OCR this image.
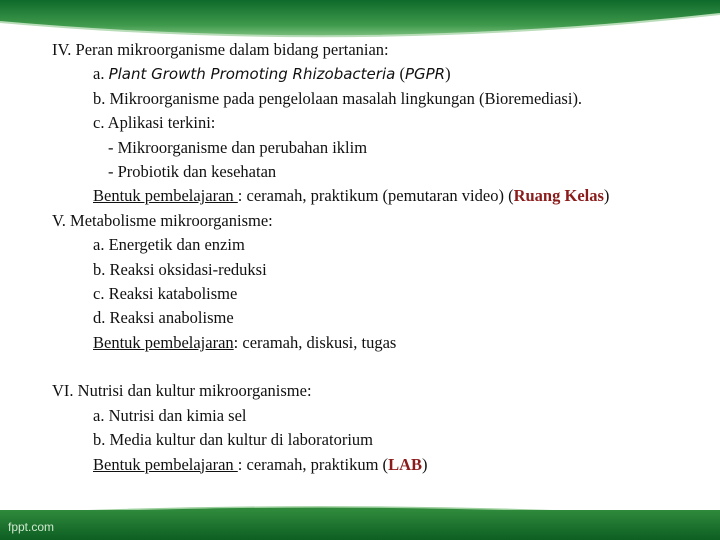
IV. Peran mikroorganisme dalam bidang pertanian:
a. Plant Growth Promoting Rhizobacteria (PGPR)
b. Mikroorganisme pada pengelolaan masalah lingkungan (Bioremediasi).
c. Aplikasi terkini:
- Mikroorganisme dan perubahan iklim
- Probiotik dan kesehatan
Bentuk pembelajaran : ceramah, praktikum (pemutaran video) (Ruang Kelas)
V. Metabolisme mikroorganisme:
a. Energetik dan enzim
b. Reaksi oksidasi-reduksi
c. Reaksi katabolisme
d. Reaksi anabolisme
Bentuk pembelajaran: ceramah, diskusi, tugas
VI. Nutrisi dan kultur mikroorganisme:
a. Nutrisi dan kimia sel
b. Media kultur dan kultur di laboratorium
Bentuk pembelajaran : ceramah, praktikum (LAB)
fppt.com
